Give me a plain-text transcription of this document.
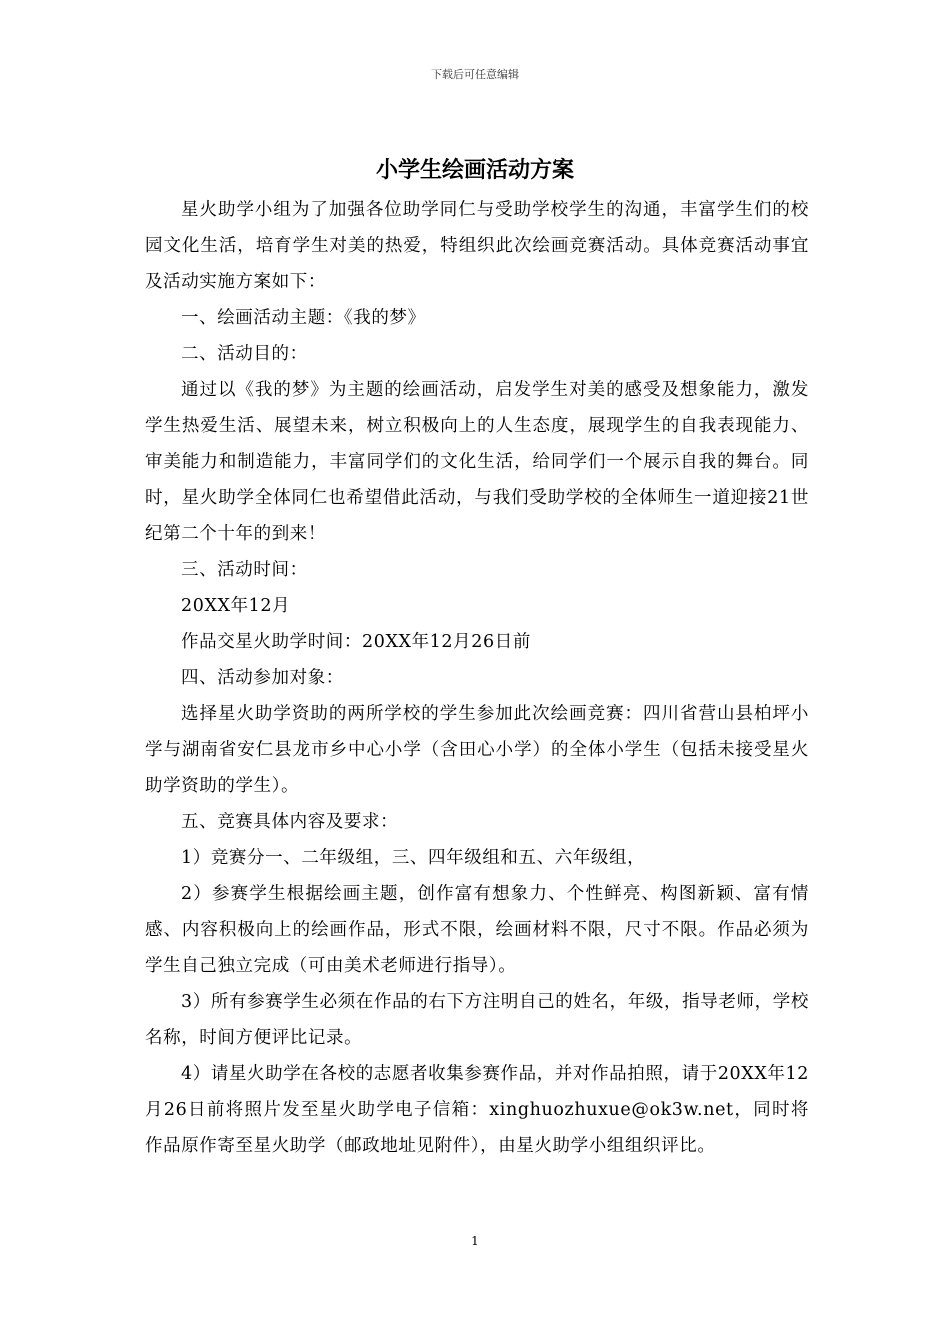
下载后可任意编辑
小学生绘画活动方案

星火助学小组为了加强各位助学同仁与受助学校学生的沟通，丰富学生们的校园文化生活，培育学生对美的热爱，特组织此次绘画竞赛活动。具体竞赛活动事宜及活动实施方案如下：

一、绘画活动主题：《我的梦》

二、活动目的：

通过以《我的梦》为主题的绘画活动，启发学生对美的感受及想象能力，激发学生热爱生活、展望未来，树立积极向上的人生态度，展现学生的自我表现能力、审美能力和制造能力，丰富同学们的文化生活，给同学们一个展示自我的舞台。同时，星火助学全体同仁也希望借此活动，与我们受助学校的全体师生一道迎接21世纪第二个十年的到来！

三、活动时间：

20XX年12月

作品交星火助学时间：20XX年12月26日前

四、活动参加对象：

选择星火助学资助的两所学校的学生参加此次绘画竞赛：四川省营山县柏坪小学与湖南省安仁县龙市乡中心小学（含田心小学）的全体小学生（包括未接受星火助学资助的学生）。

五、竞赛具体内容及要求：

1）竞赛分一、二年级组，三、四年级组和五、六年级组，

2）参赛学生根据绘画主题，创作富有想象力、个性鲜亮、构图新颖、富有情感、内容积极向上的绘画作品，形式不限，绘画材料不限，尺寸不限。作品必须为学生自己独立完成（可由美术老师进行指导）。

3）所有参赛学生必须在作品的右下方注明自己的姓名，年级，指导老师，学校名称，时间方便评比记录。

4）请星火助学在各校的志愿者收集参赛作品，并对作品拍照，请于20XX年12月26日前将照片发至星火助学电子信箱：xinghuozhuxue@ok3w.net，同时将作品原作寄至星火助学（邮政地址见附件），由星火助学小组组织评比。

1
